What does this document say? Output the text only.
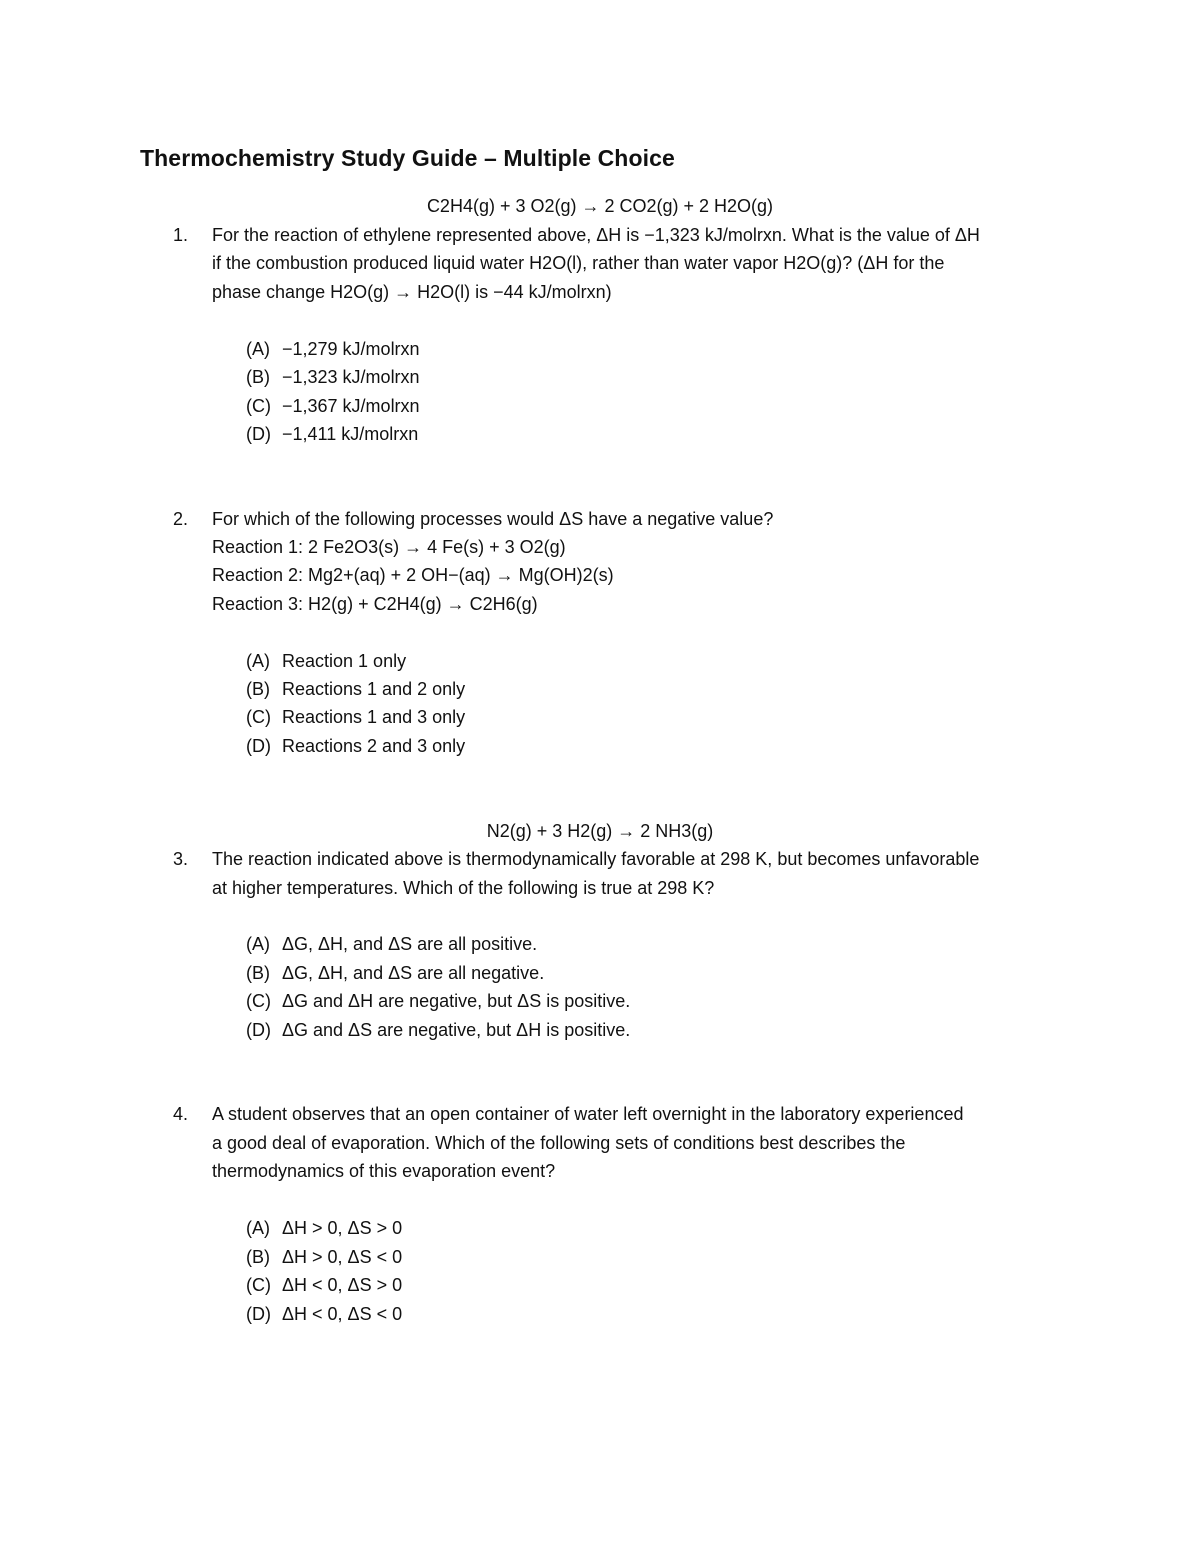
Thermochemistry Study Guide – Multiple Choice
C2H4(g) + 3 O2(g) → 2 CO2(g) + 2 H2O(g)
1. For the reaction of ethylene represented above, ΔH is −1,323 kJ/molrxn. What is the value of ΔH
if the combustion produced liquid water H2O(l), rather than water vapor H2O(g)? (ΔH for the
phase change H2O(g) → H2O(l) is −44 kJ/molrxn)
(A) −1,279 kJ/molrxn
(B) −1,323 kJ/molrxn
(C) −1,367 kJ/molrxn
(D) −1,411 kJ/molrxn
2. For which of the following processes would ΔS have a negative value?
Reaction 1: 2 Fe2O3(s) → 4 Fe(s) + 3 O2(g)
Reaction 2: Mg2+(aq) + 2 OH−(aq) → Mg(OH)2(s)
Reaction 3: H2(g) + C2H4(g) → C2H6(g)
(A) Reaction 1 only
(B) Reactions 1 and 2 only
(C) Reactions 1 and 3 only
(D) Reactions 2 and 3 only
N2(g) + 3 H2(g) → 2 NH3(g)
3. The reaction indicated above is thermodynamically favorable at 298 K, but becomes unfavorable
at higher temperatures. Which of the following is true at 298 K?
(A) ΔG, ΔH, and ΔS are all positive.
(B) ΔG, ΔH, and ΔS are all negative.
(C) ΔG and ΔH are negative, but ΔS is positive.
(D) ΔG and ΔS are negative, but ΔH is positive.
4. A student observes that an open container of water left overnight in the laboratory experienced
a good deal of evaporation. Which of the following sets of conditions best describes the
thermodynamics of this evaporation event?
(A) ΔH > 0, ΔS > 0
(B) ΔH > 0, ΔS < 0
(C) ΔH < 0, ΔS > 0
(D) ΔH < 0, ΔS < 0
